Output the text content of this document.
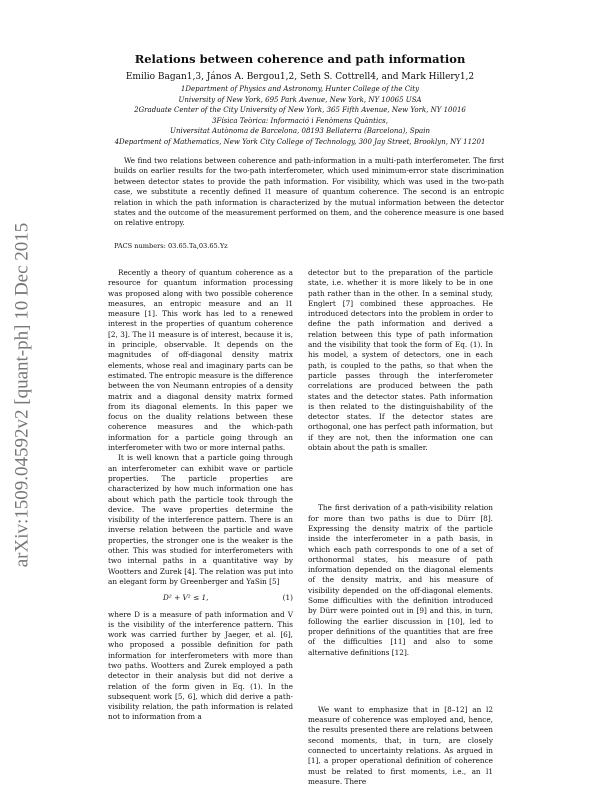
arXiv:1509.04592v2 [quant-ph] 10 Dec 2015
Relations between coherence and path information
Emilio Bagan1,3, János A. Bergou1,2, Seth S. Cottrell4, and Mark Hillery1,2
1Department of Physics and Astronomy, Hunter College of the City
University of New York, 695 Park Avenue, New York, NY 10065 USA
2Graduate Center of the City University of New York, 365 Fifth Avenue, New York, NY 10016
3Física Teòrica: Informació i Fenòmens Quàntics,
Universitat Autònoma de Barcelona, 08193 Bellaterra (Barcelona), Spain
4Department of Mathematics, New York City College of Technology, 300 Jay Street, Brooklyn, NY 11201
We find two relations between coherence and path-information in a multi-path interferometer. The first builds on earlier results for the two-path interferometer, which used minimum-error state discrimination between detector states to provide the path information. For visibility, which was used in the two-path case, we substitute a recently defined l1 measure of quantum coherence. The second is an entropic relation in which the path information is characterized by the mutual information between the detector states and the outcome of the measurement performed on them, and the coherence measure is one based on relative entropy.
PACS numbers: 03.65.Ta,03.65.Yz

Recently a theory of quantum coherence as a resource for quantum information processing was proposed along with two possible coherence measures, an entropic measure and an l1 measure [1]. This work has led to a renewed interest in the properties of quantum coherence [2, 3]. The l1 measure is of interest, because it is, in principle, observable. It depends on the magnitudes of off-diagonal density matrix elements, whose real and imaginary parts can be estimated. The entropic measure is the difference between the von Neumann entropies of a density matrix and a diagonal density matrix formed from its diagonal elements. In this paper we focus on the duality relations between these coherence measures and the which-path information for a particle going through an interferometer with two or more internal paths.

It is well known that a particle going through an interferometer can exhibit wave or particle properties. The particle properties are characterized by how much information one has about which path the particle took through the device. The wave properties determine the visibility of the interference pattern. There is an inverse relation between the particle and wave properties, the stronger one is the weaker is the other. This was studied for interferometers with two internal paths in a quantitative way by Wootters and Zurek [4]. The relation was put into an elegant form by Greenberger and YaSin [5]

D² + V² ≤ 1,	(1)

where D is a measure of path information and V is the visibility of the interference pattern. This work was carried further by Jaeger, et al. [6], who proposed a possible definition for path information for interferometers with more than two paths. Wootters and Zurek employed a path detector in their analysis but did not derive a relation of the form given in Eq. (1). In the subsequent work [5, 6], which did derive a path-visibility relation, the path information is related not to information from a

detector but to the preparation of the particle state, i.e. whether it is more likely to be in one path rather than in the other. In a seminal study, Englert [7] combined these approaches. He introduced detectors into the problem in order to define the path information and derived a relation between this type of path information and the visibility that took the form of Eq. (1). In his model, a system of detectors, one in each path, is coupled to the paths, so that when the particle passes through the interferometer correlations are produced between the path states and the detector states. Path information is then related to the distinguishability of the detector states. If the detector states are orthogonal, one has perfect path information, but if they are not, then the information one can obtain about the path is smaller.

The first derivation of a path-visibility relation for more than two paths is due to Dürr [8]. Expressing the density matrix of the particle inside the interferometer in a path basis, in which each path corresponds to one of a set of orthonormal states, his measure of path information depended on the diagonal elements of the density matrix, and his measure of visibility depended on the off-diagonal elements. Some difficulties with the definition introduced by Dürr were pointed out in [9] and this, in turn, following the earlier discussion in [10], led to proper definitions of the quantities that are free of the difficulties [11] and also to some alternative definitions [12].

We want to emphasize that in [8–12] an l2 measure of coherence was employed and, hence, the results presented there are relations between second moments, that, in turn, are closely connected to uncertainty relations. As argued in [1], a proper operational definition of coherence must be related to first moments, i.e., an l1 measure. There
